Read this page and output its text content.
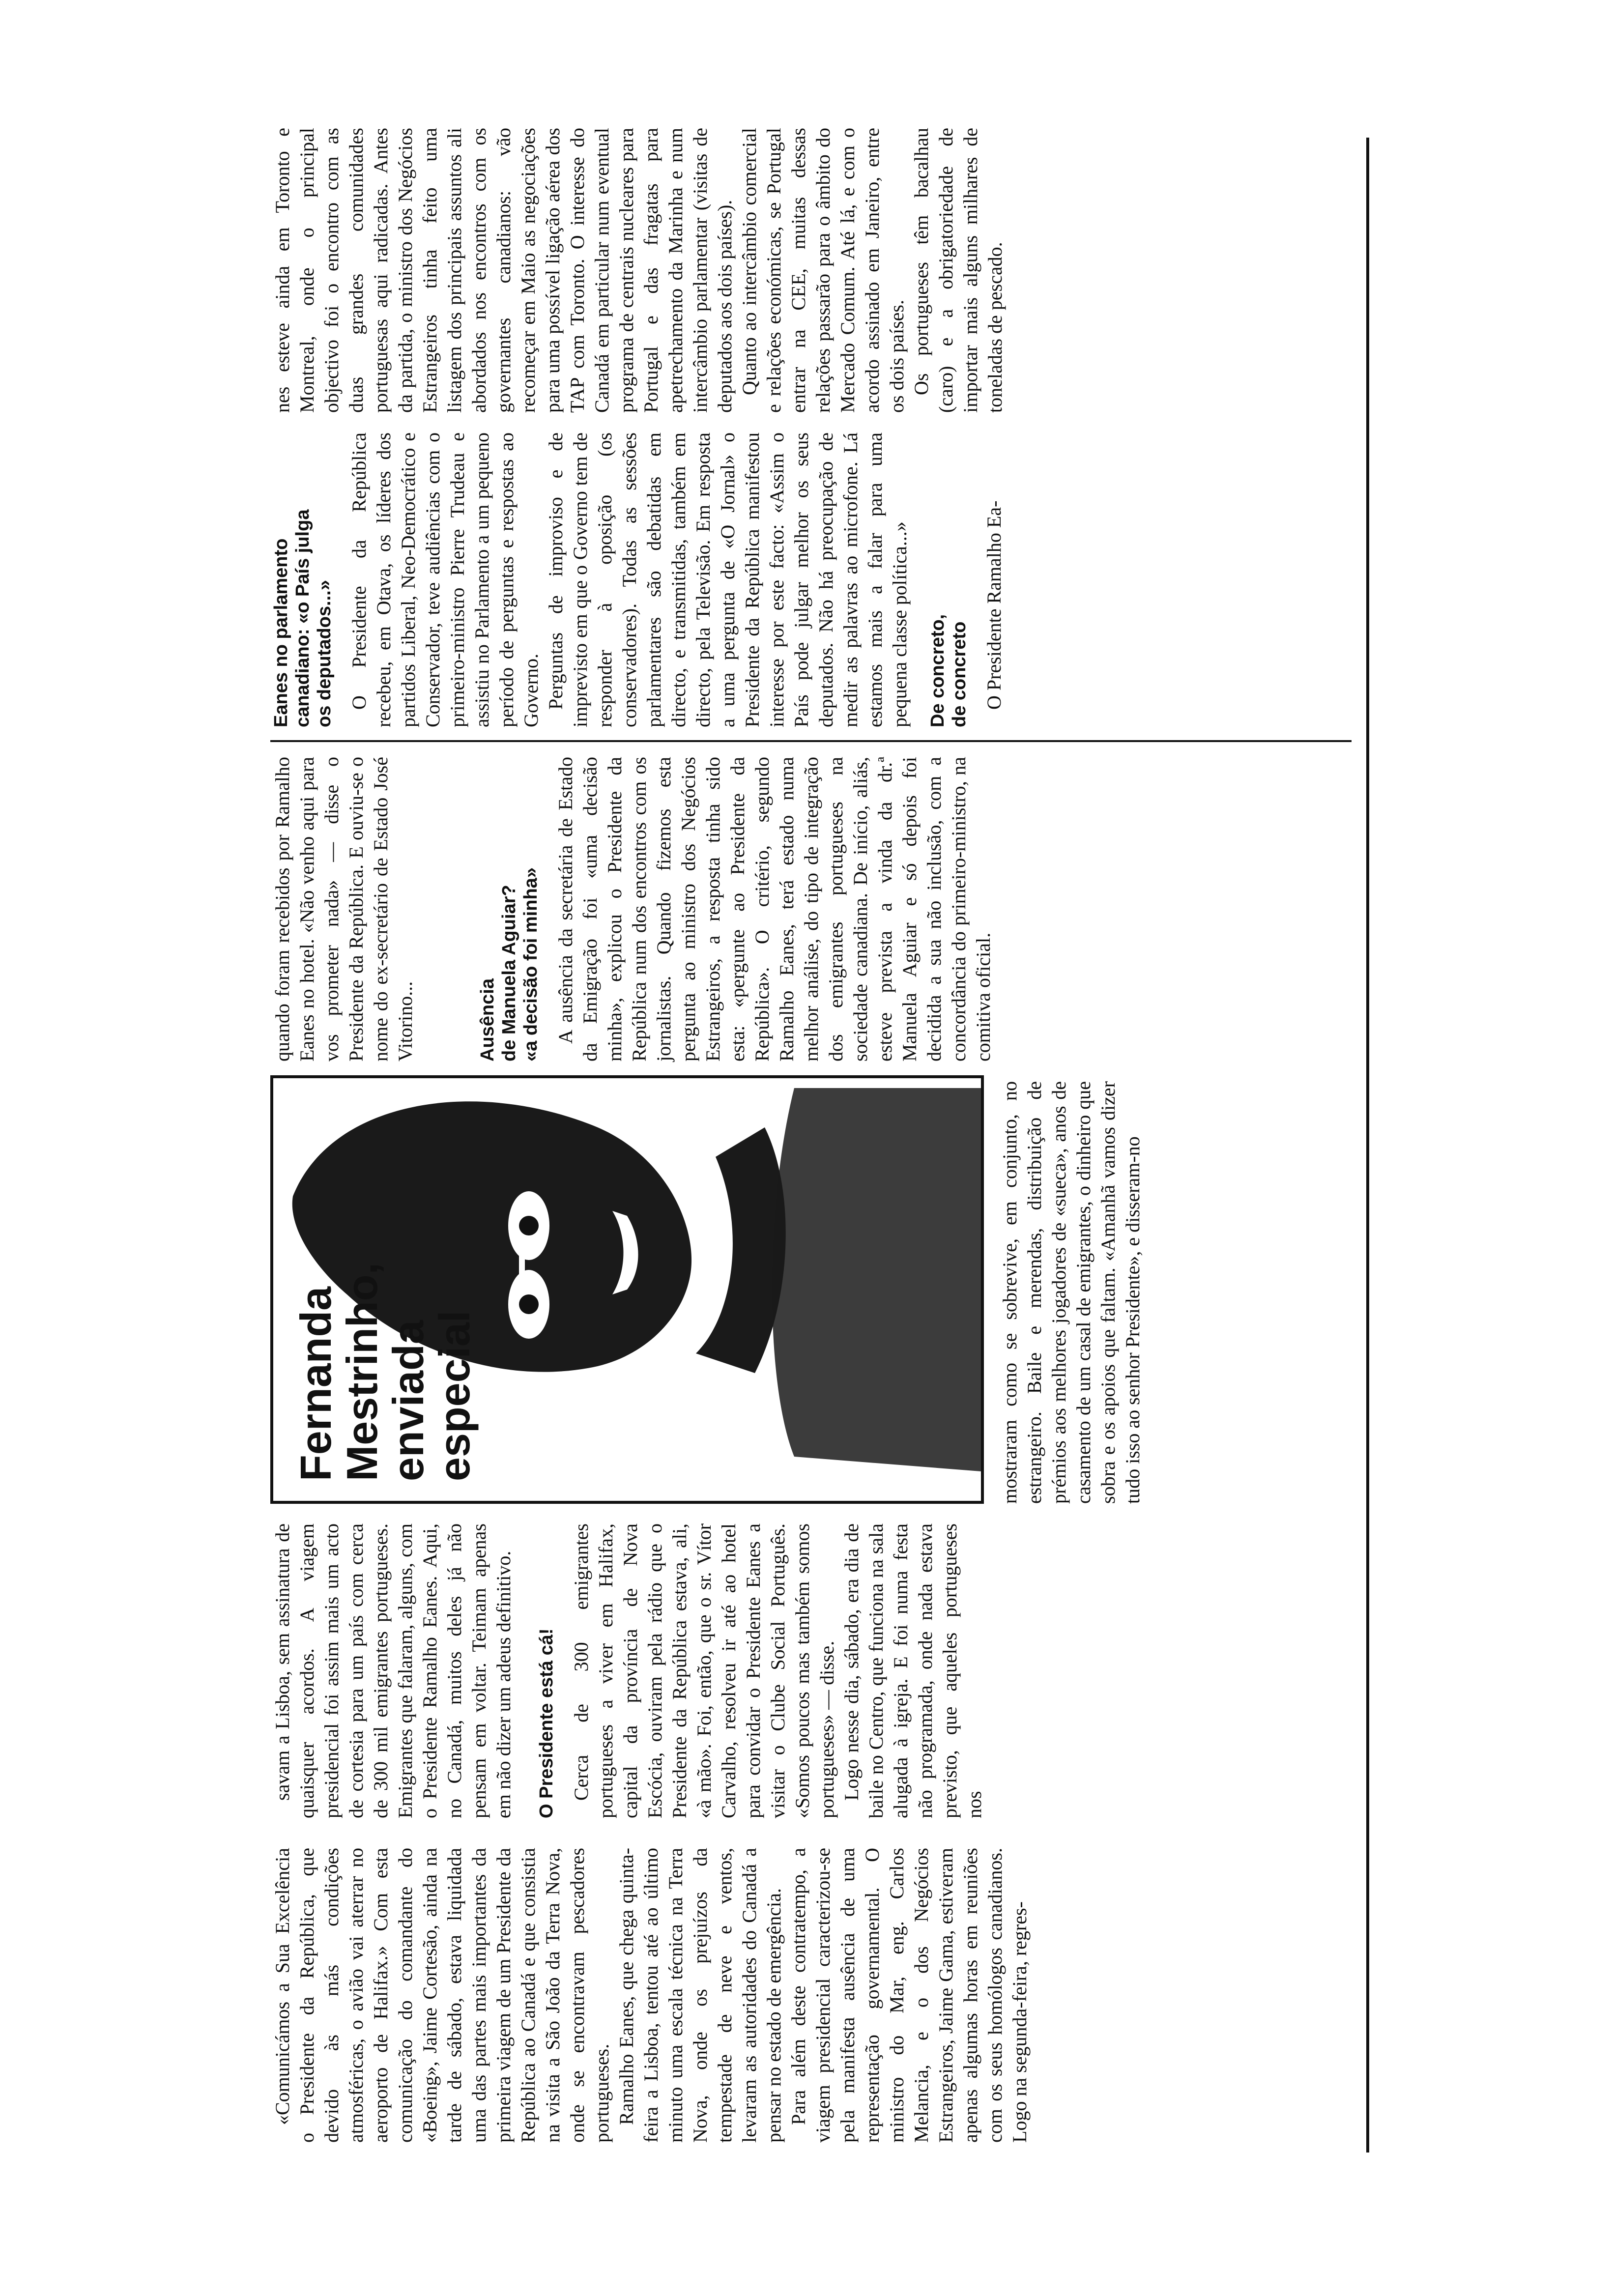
«Comunicámos a Sua Excelência o Presidente da República, que devido às más condições atmosféricas, o avião vai aterrar no aeroporto de Halifax.» Com esta comunicação do comandante do «Boeing», Jaime Cortesão, ainda na tarde de sábado, estava liquidada uma das partes mais importantes da primeira viagem de um Presidente da República ao Canadá e que consistia na visita a São João da Terra Nova, onde se encontravam pescadores portugueses. Ramalho Eanes, que chega quinta-feira a Lisboa, tentou até ao último minuto uma escala técnica na Terra Nova, onde os prejuízos da tempestade de neve e ventos, levaram as autoridades do Canadá a pensar no estado de emergência. Para além deste contratempo, a viagem presidencial caracterizou-se pela manifesta ausência de uma representação governamental. O ministro do Mar, eng. Carlos Melancia, e o dos Negócios Estrangeiros, Jaime Gama, estiveram apenas algumas horas em reuniões com os seus homólogos canadianos. Logo na segunda-feira, regres-

savam a Lisboa, sem assinatura de quaisquer acordos. A viagem presidencial foi assim mais um acto de cortesia para um país com cerca de 300 mil emigrantes portugueses. Emigrantes que falaram, alguns, com o Presidente Ramalho Eanes. Aqui, no Canadá, muitos deles já não pensam em voltar. Teimam apenas em não dizer um adeus definitivo. O Presidente está cá! Cerca de 300 emigrantes portugueses a viver em Halifax, capital da província de Nova Escócia, ouviram pela rádio que o Presidente da República estava, ali, «à mão». Foi, então, que o sr. Vítor Carvalho, resolveu ir até ao hotel para convidar o Presidente Eanes a visitar o Clube Social Português. «Somos poucos mas também somos portugueses» — disse. Logo nesse dia, sábado, era dia de baile no Centro, que funciona na sala alugada à igreja. E foi numa festa não programada, onde nada estava previsto, que aqueles portugueses nos

Fernanda
Mestrinho,
enviada
especial	mostraram como se sobrevive, em conjunto, no estrangeiro. Baile e merendas, distribuição de prémios aos melhores jogadores de «sueca», anos de casamento de um casal de emigrantes, o dinheiro que sobra e os apoios que faltam. «Amanhã vamos dizer tudo isso ao senhor Presidente», e disseram-no

quando foram recebidos por Ramalho Eanes no hotel. «Não venho aqui para vos prometer nada» — disse o Presidente da República. E ouviu-se o nome do ex-secretário de Estado José Vitorino...	Ausência de Manuela Aguiar? «a decisão foi minha» A ausência da secretária de Estado da Emigração foi «uma decisão minha», explicou o Presidente da República num dos encontros com os jornalistas. Quando fizemos esta pergunta ao ministro dos Negócios Estrangeiros, a resposta tinha sido esta: «pergunte ao Presidente da República». O critério, segundo Ramalho Eanes, terá estado numa melhor análise, do tipo de integração dos emigrantes portugueses na sociedade canadiana. De início, aliás, esteve prevista a vinda da dr.ª Manuela Aguiar e só depois foi decidida a sua não inclusão, com a concordância do primeiro-ministro, na comitiva oficial.

Eanes no parlamento canadiano: «o País julga os deputados...» O Presidente da República recebeu, em Otava, os líderes dos partidos Liberal, Neo-Democrático e Conservador, teve audiências com o primeiro-ministro Pierre Trudeau e assistiu no Parlamento a um pequeno período de perguntas e respostas ao Governo. Perguntas de improviso e de imprevisto em que o Governo tem de responder à oposição (os conservadores). Todas as sessões parlamentares são debatidas em directo, e transmitidas, também em directo, pela Televisão. Em resposta a uma pergunta de «O Jornal» o Presidente da República manifestou interesse por este facto: «Assim o País pode julgar melhor os seus deputados. Não há preocupação de medir as palavras ao microfone. Lá estamos mais a falar para uma pequena classe política...» De concreto, de concreto O Presidente Ramalho Ea-

nes esteve ainda em Toronto e Montreal, onde o principal objectivo foi o encontro com as duas grandes comunidades portuguesas aqui radicadas. Antes da partida, o ministro dos Negócios Estrangeiros tinha feito uma listagem dos principais assuntos ali abordados nos encontros com os governantes canadianos: vão recomeçar em Maio as negociações para uma possível ligação aérea dos TAP com Toronto. O interesse do Canadá em particular num eventual programa de centrais nucleares para Portugal e das fragatas para apetrechamento da Marinha e num intercâmbio parlamentar (visitas de deputados aos dois países). Quanto ao intercâmbio comercial e relações económicas, se Portugal entrar na CEE, muitas dessas relações passarão para o âmbito do Mercado Comum. Até lá, e com o acordo assinado em Janeiro, entre os dois países. Os portugueses têm bacalhau (caro) e a obrigatoriedade de importar mais alguns milhares de toneladas de pescado.
